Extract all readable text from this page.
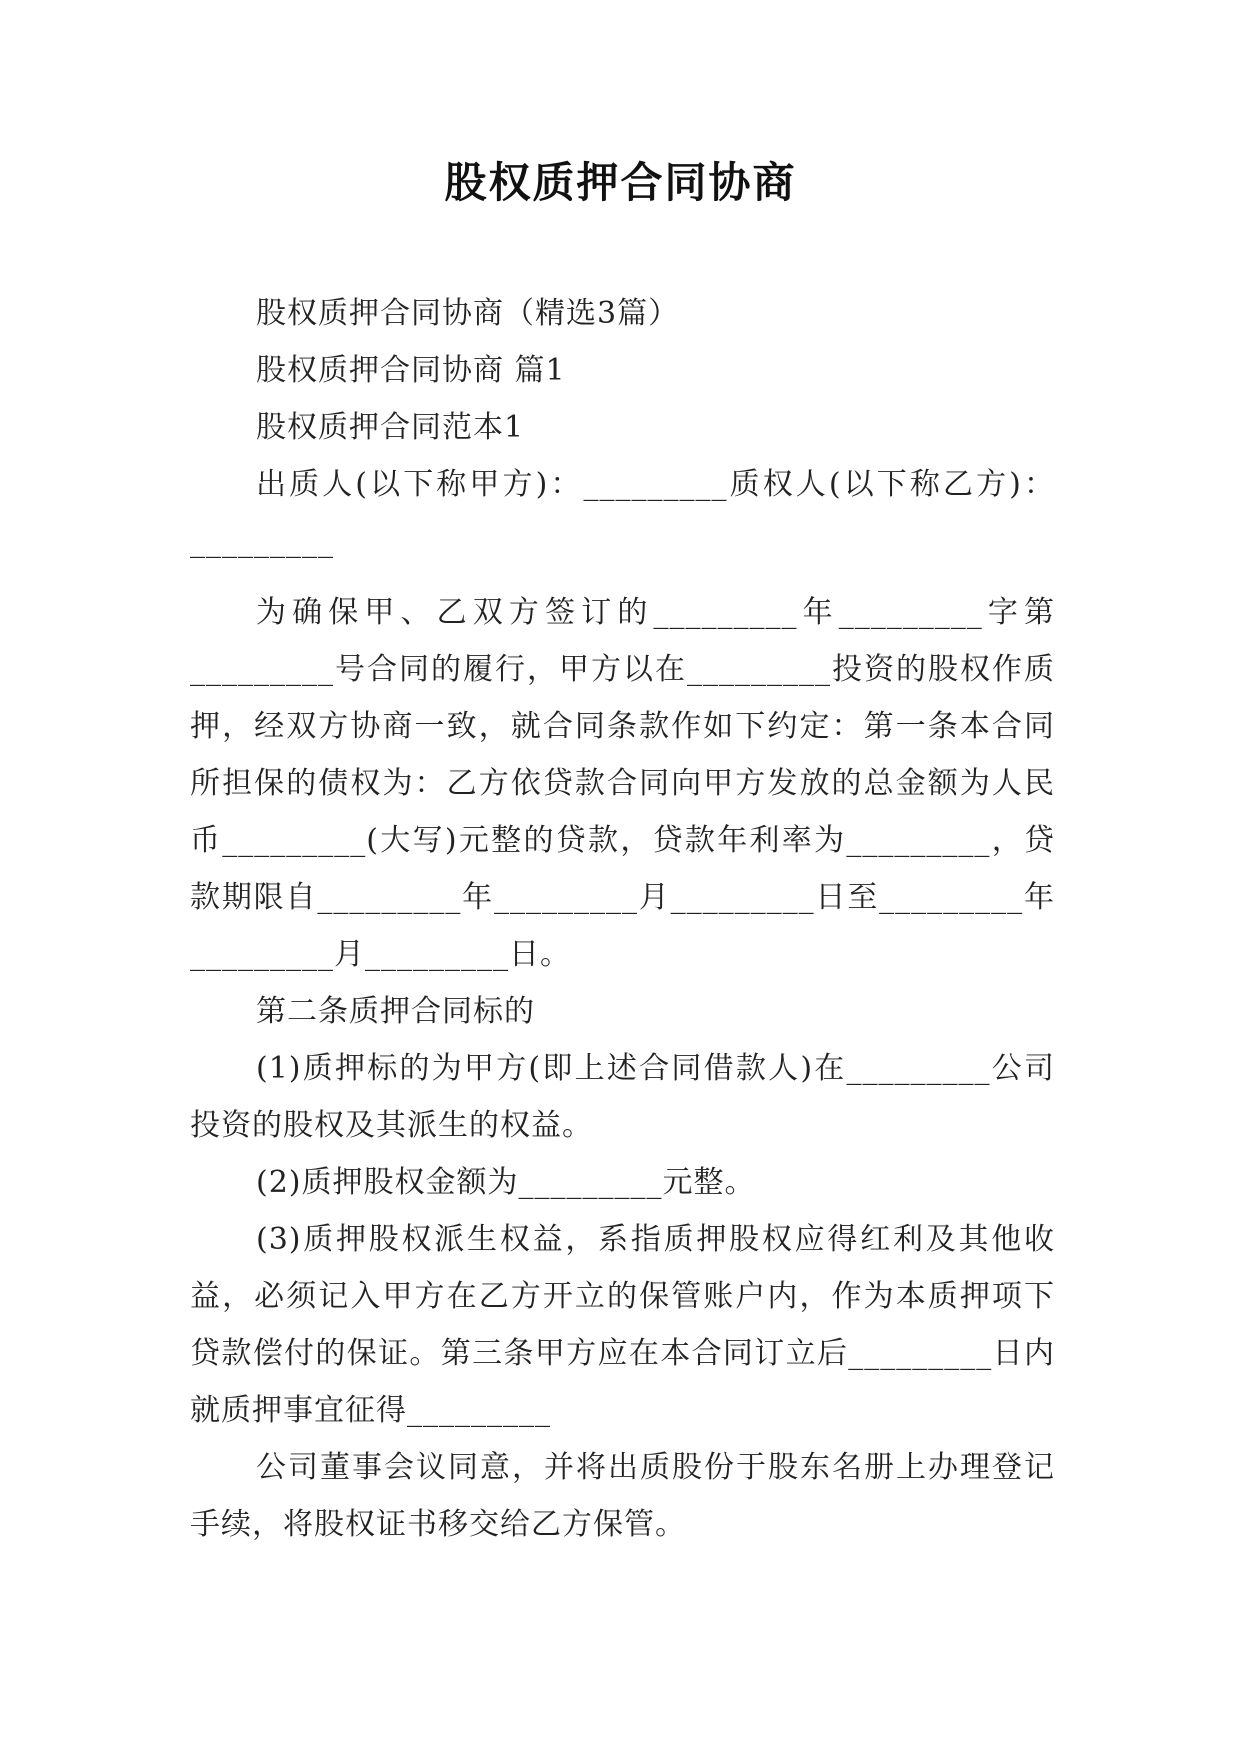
股权质押合同协商

股权质押合同协商（精选3篇）

股权质押合同协商 篇1

股权质押合同范本1

出质人(以下称甲方)：_________质权人(以下称乙方)：_________

为确保甲、乙双方签订的_________年_________字第_________号合同的履行，甲方以在_________投资的股权作质押，经双方协商一致，就合同条款作如下约定：第一条本合同所担保的债权为：乙方依贷款合同向甲方发放的总金额为人民币_________(大写)元整的贷款，贷款年利率为_________，贷款期限自_________年_________月_________日至_________年_________月_________日。

第二条质押合同标的

(1)质押标的为甲方(即上述合同借款人)在_________公司投资的股权及其派生的权益。

(2)质押股权金额为_________元整。

(3)质押股权派生权益，系指质押股权应得红利及其他收益，必须记入甲方在乙方开立的保管账户内，作为本质押项下贷款偿付的保证。第三条甲方应在本合同订立后_________日内就质押事宜征得_________

公司董事会议同意，并将出质股份于股东名册上办理登记手续，将股权证书移交给乙方保管。
